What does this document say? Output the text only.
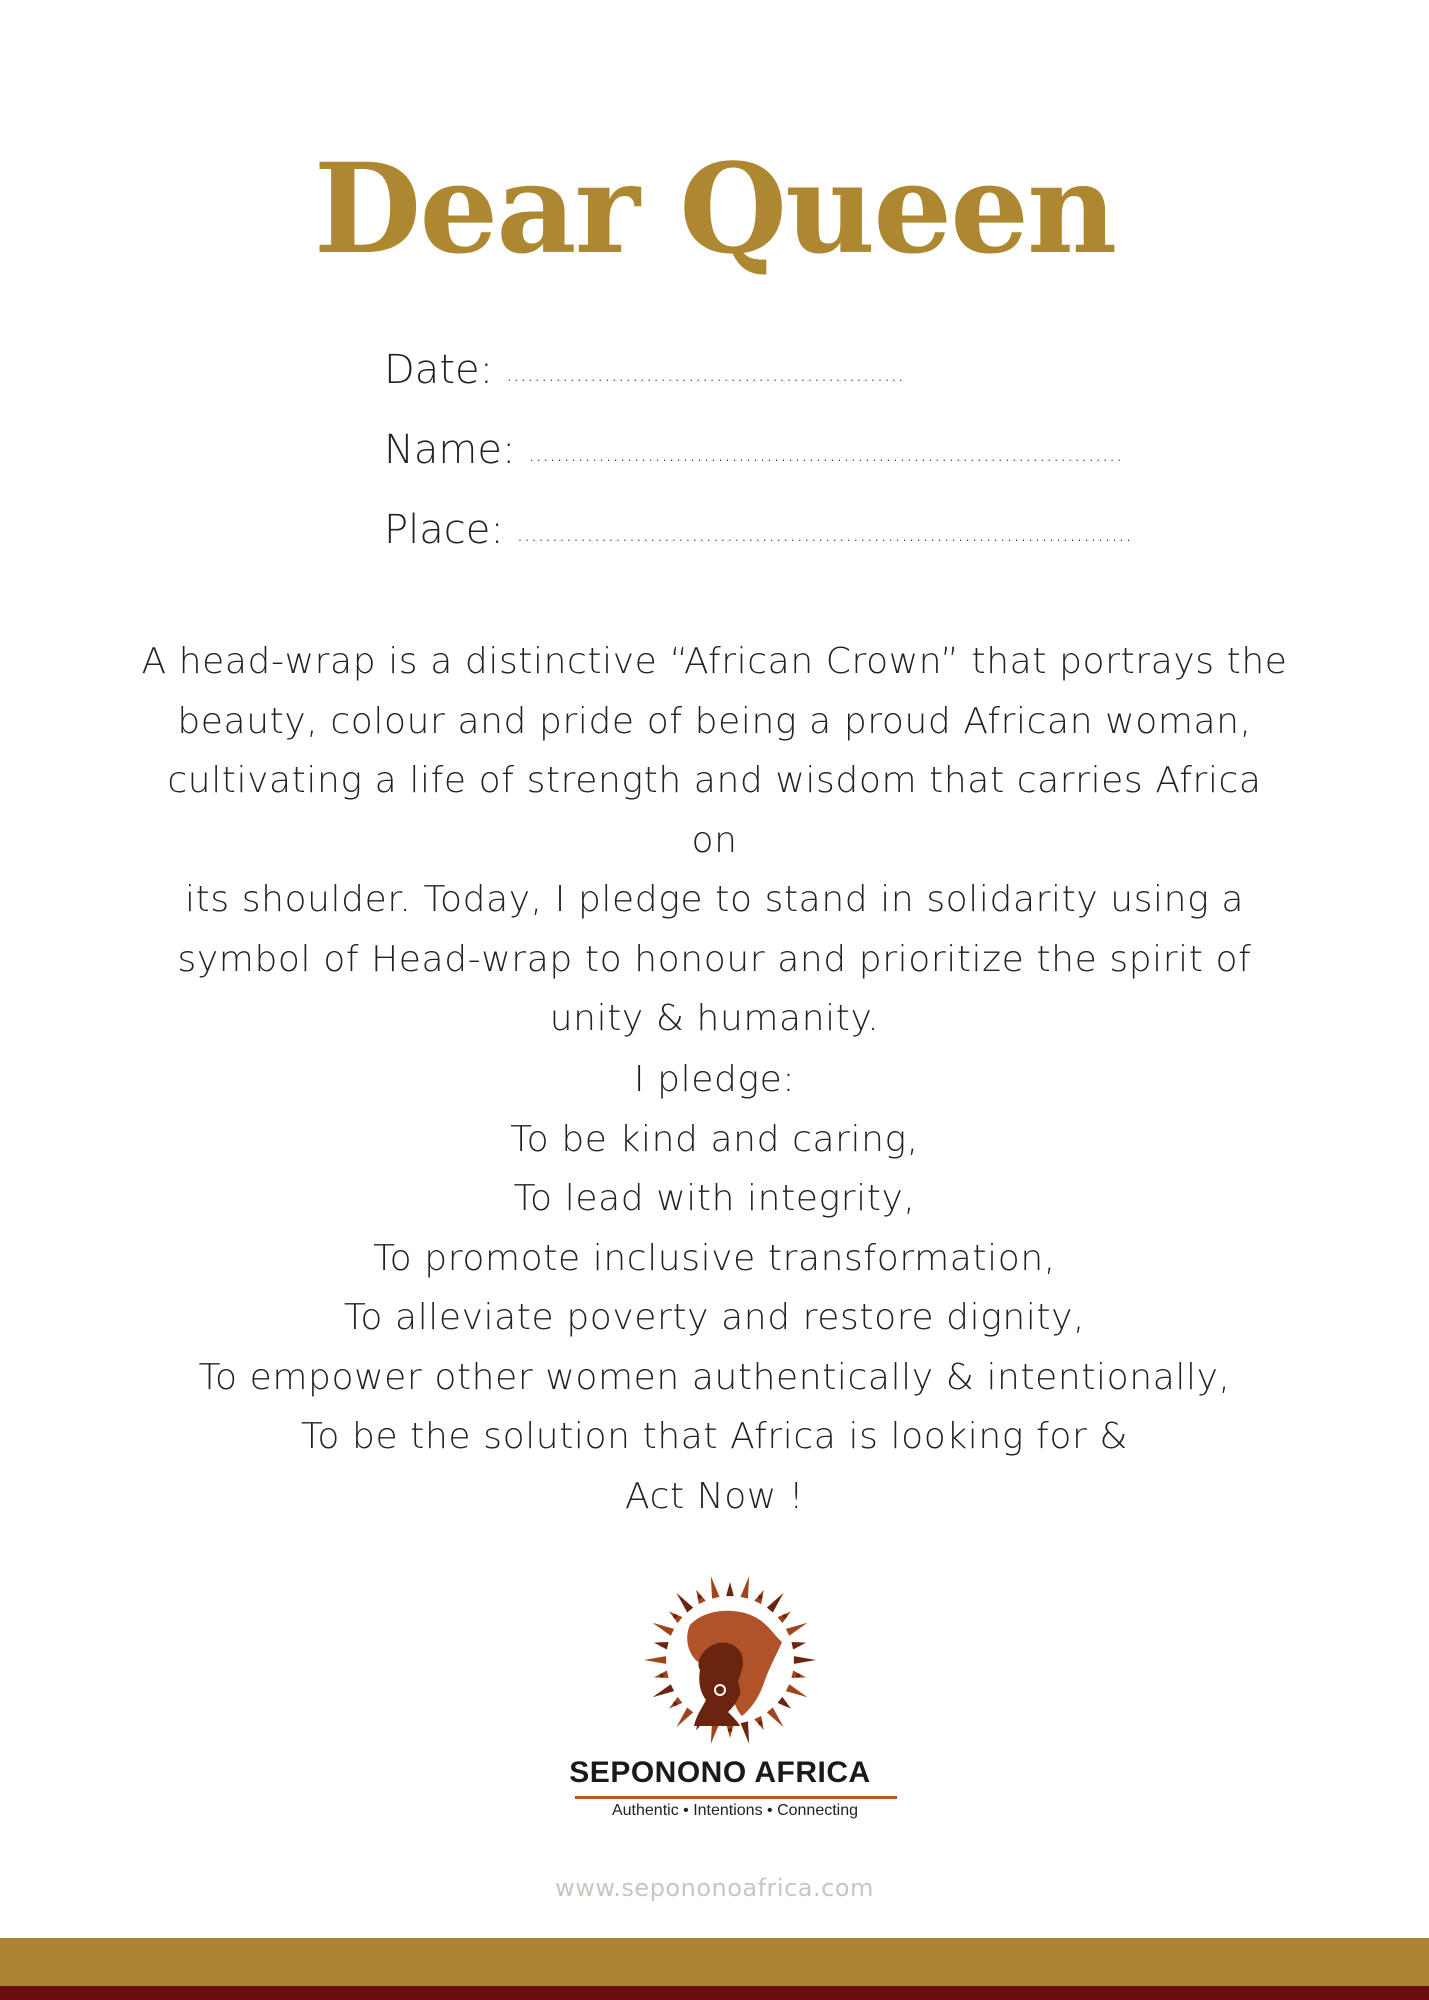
Dear Queen
Date: .........................................................
Name: .....................................................................................
Place: ........................................................................................
A head-wrap is a distinctive “African Crown” that portrays the
beauty, colour and pride of being a proud African woman,
cultivating a life of strength and wisdom that carries Africa on
its shoulder. Today, I pledge to stand in solidarity using a
symbol of Head-wrap to honour and prioritize the spirit of
unity & humanity.
I pledge:
To be kind and caring,
To lead with integrity,
To promote inclusive transformation,
To alleviate poverty and restore dignity,
To empower other women authentically & intentionally,
To be the solution that Africa is looking for &
Act Now !
SEPONONO AFRICA
Authentic • Intentions • Connecting
www.sepononoafrica.com
